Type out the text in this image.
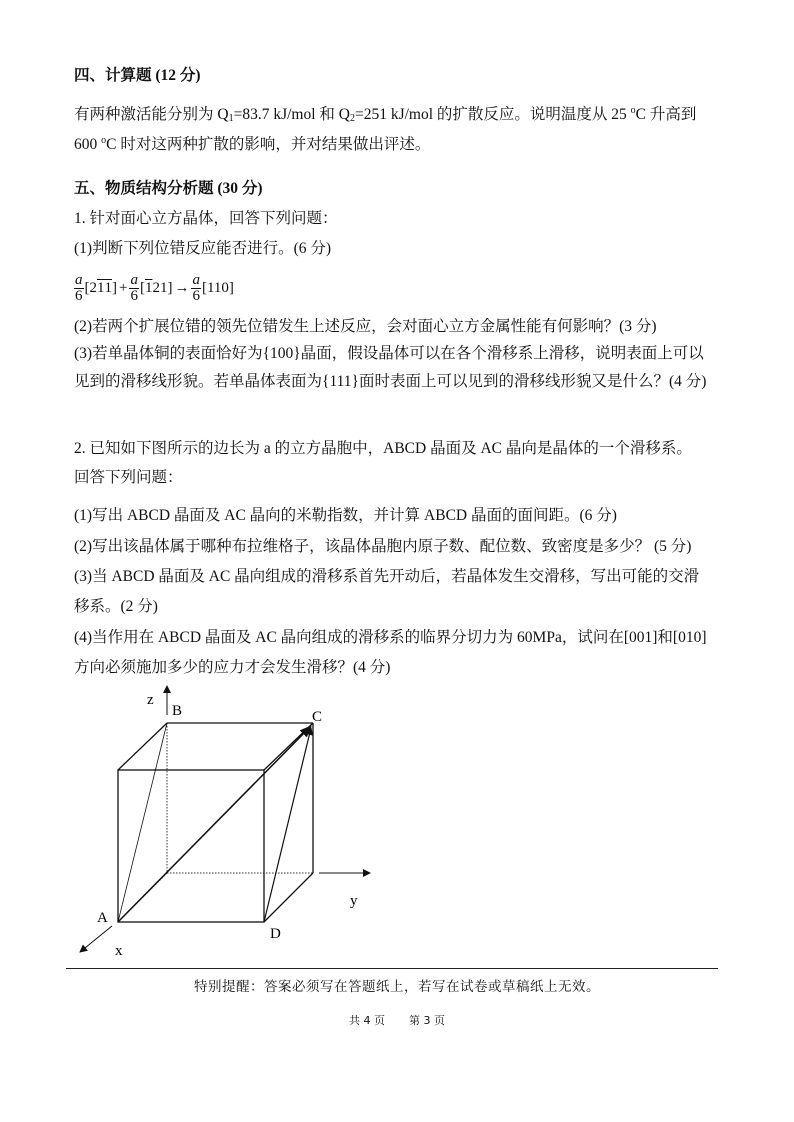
四、计算题 (12 分)
有两种激活能分别为 $Q_1=83.7$ kJ/mol 和 $Q_2=251$ kJ/mol 的扩散反应。说明温度从 25 $^o$C 升高到
600 $^o$C 时对这两种扩散的影响，并对结果做出评述。
五、物质结构分析题 (30 分)
1. 针对面心立方晶体，回答下列问题：
(1)判断下列位错反应能否进行。(6 分)
$\frac{a}{6} [2$ 1 1 ] + $\frac{a}{6}$ [ 1 $21] \to \frac{a}{6} [110]$
(2)若两个扩展位错的领先位错发生上述反应，会对面心立方金属性能有何影响？(3 分)
(3)若单晶体铜的表面恰好为{100}晶面，假设晶体可以在各个滑移系上滑移，说明表面上可以
见到的滑移线形貌。若单晶体表面为{111}面时表面上可以见到的滑移线形貌又是什么？(4 分)
2. 已知如下图所示的边长为 a 的立方晶胞中，ABCD 晶面及 AC 晶向是晶体的一个滑移系。
回答下列问题：
(1)写出 ABCD 晶面及 AC 晶向的米勒指数，并计算 ABCD 晶面的面间距。(6 分)
(2)写出该晶体属于哪种布拉维格子，该晶体晶胞内原子数、配位数、致密度是多少？ (5 分)
(3)当 ABCD 晶面及 AC 晶向组成的滑移系首先开动后，若晶体发生交滑移，写出可能的交滑
移系。(2 分)
(4)当作用在 ABCD 晶面及 AC 晶向组成的滑移系的临界分切力为 60MPa，试问在[001]和[010]
方向必须施加多少的应力才会发生滑移？(4 分)
z
B	C
y
A
D
x
特别提醒：答案必须写在答题纸上，若写在试卷或草稿纸上无效。
共 4 页 第 3 页
